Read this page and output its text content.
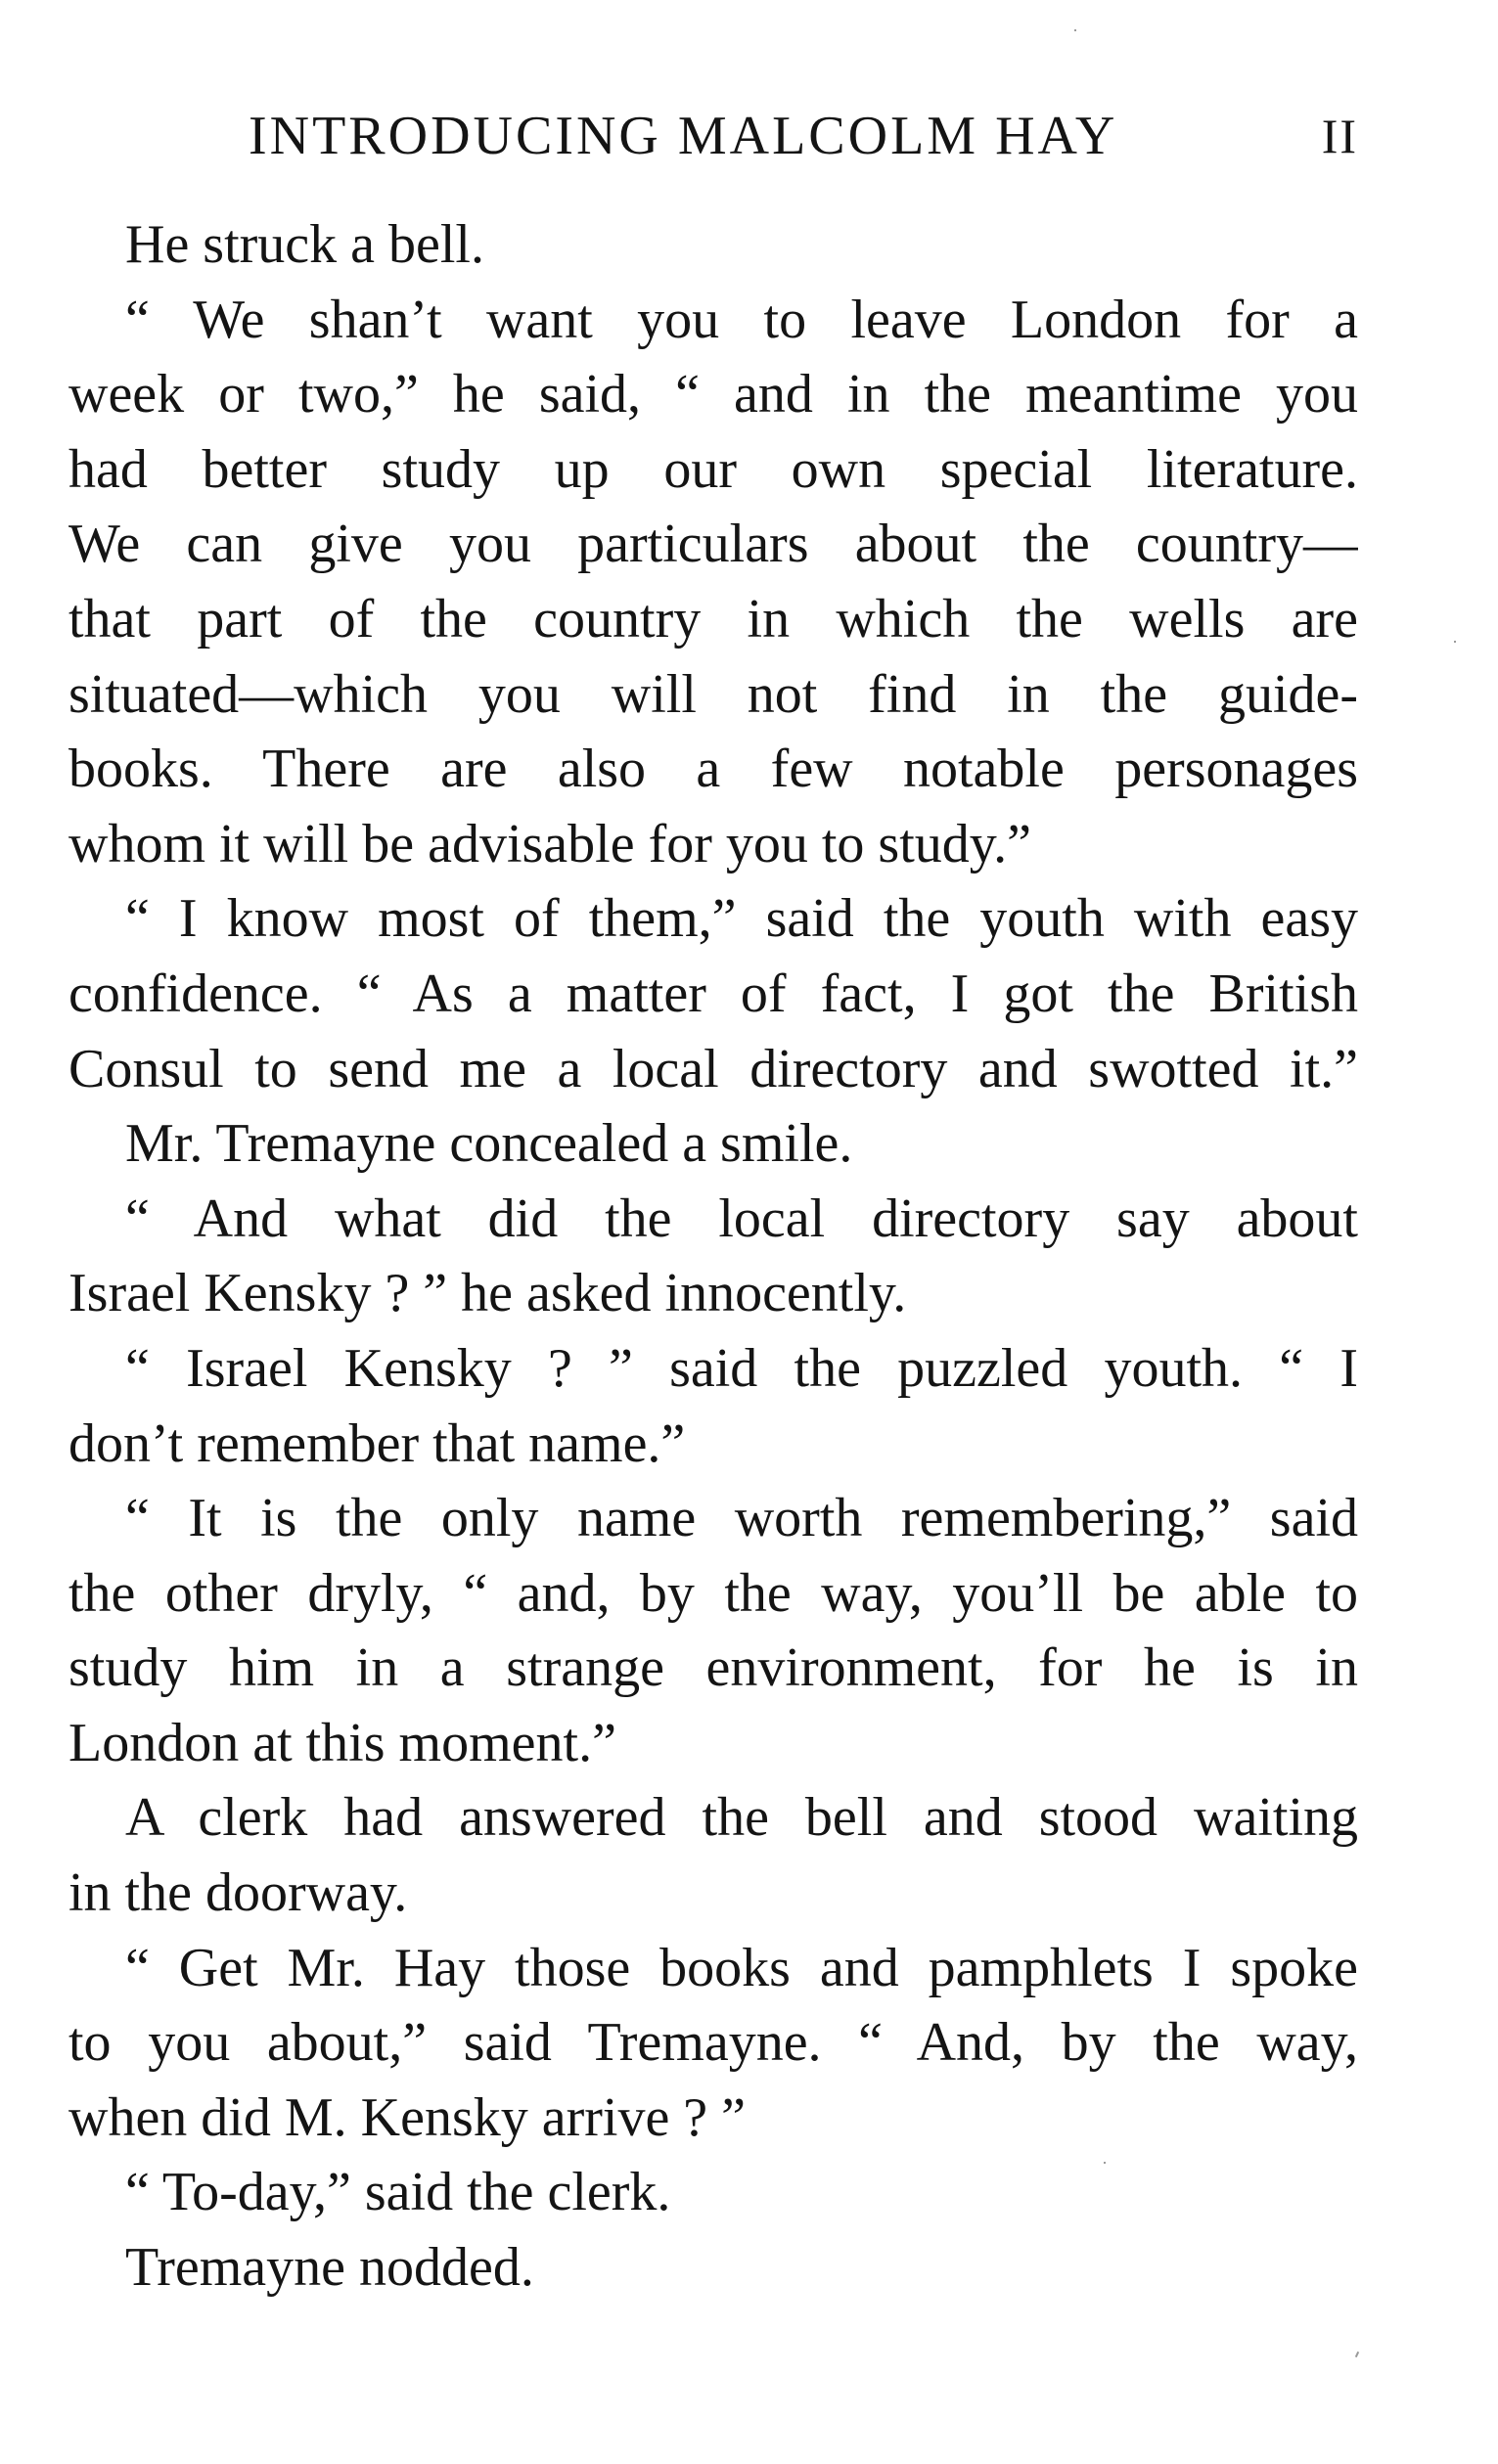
INTRODUCING MALCOLM HAY	II
He struck a bell.
“ We shan’t want you to leave London for a
week or two,” he said, “ and in the meantime you
had better study up our own special literature.
We can give you particulars about the country—
that part of the country in which the wells are
situated—which you will not find in the guide-
books. There are also a few notable personages
whom it will be advisable for you to study.”
“ I know most of them,” said the youth with easy
confidence. “ As a matter of fact, I got the British
Consul to send me a local directory and swotted it.”
Mr. Tremayne concealed a smile.
“ And what did the local directory say about
Israel Kensky ? ” he asked innocently.
“ Israel Kensky ? ” said the puzzled youth. “ I
don’t remember that name.”
“ It is the only name worth remembering,” said
the other dryly, “ and, by the way, you’ll be able to
study him in a strange environment, for he is in
London at this moment.”
A clerk had answered the bell and stood waiting
in the doorway.
“ Get Mr. Hay those books and pamphlets I spoke
to you about,” said Tremayne. “ And, by the way,
when did M. Kensky arrive ? ”
“ To-day,” said the clerk.
Tremayne nodded.
